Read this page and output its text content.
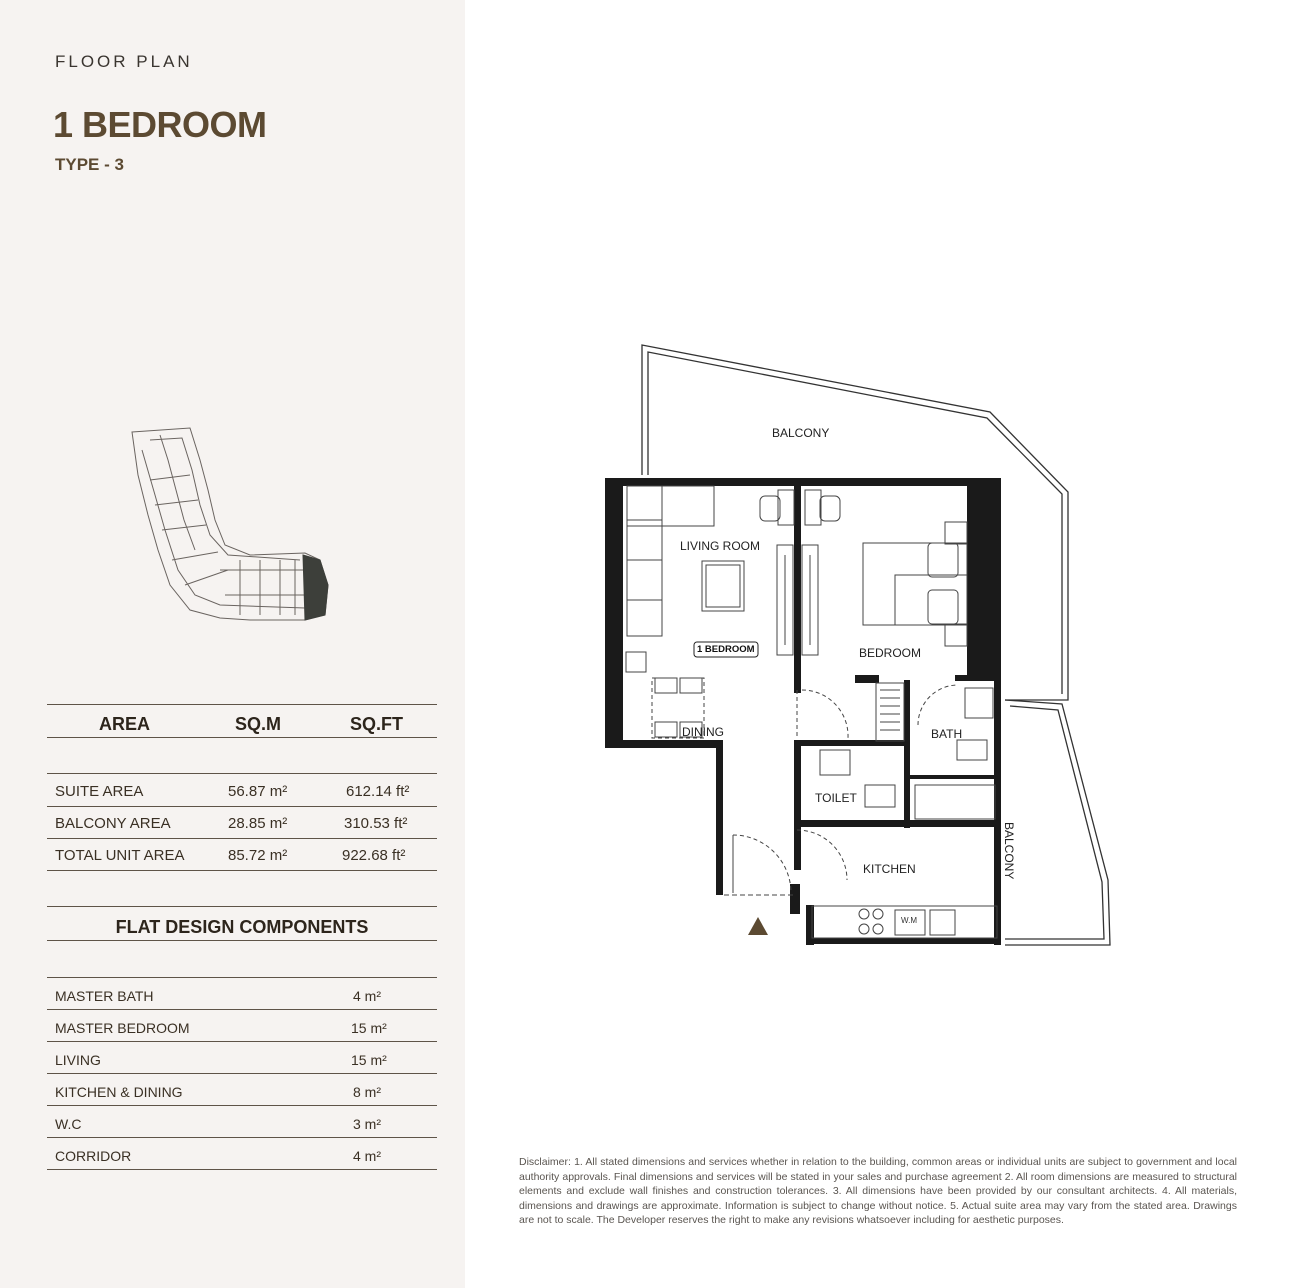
FLOOR PLAN
1 BEDROOM
TYPE - 3
AREA	SQ.M	SQ.FT
SUITE AREA	56.87 m²	612.14 ft²
BALCONY AREA	28.85 m²	310.53 ft²
TOTAL UNIT AREA	85.72 m²	922.68 ft²
FLAT DESIGN COMPONENTS
MASTER BATH	4 m²
MASTER BEDROOM	15 m²
LIVING	15 m²
KITCHEN & DINING	8 m²
W.C	3 m²
CORRIDOR	4 m²
BALCONY
BALCONY
LIVING ROOM
1 BEDROOM	BEDROOM
DINING	BATH
TOILET
KITCHEN
W.M
Disclaimer: 1. All stated dimensions and services whether in relation to the building, common areas or individual units are subject to government and local authority approvals. Final dimensions and services will be stated in your sales and purchase agreement 2. All room dimensions are measured to structural elements and exclude wall finishes and construction tolerances. 3. All dimensions have been provided by our consultant architects. 4. All materials, dimensions and drawings are approximate. Information is subject to change without notice. 5. Actual suite area may vary from the stated area. Drawings are not to scale. The Developer reserves the right to make any revisions whatsoever including for aesthetic purposes.
